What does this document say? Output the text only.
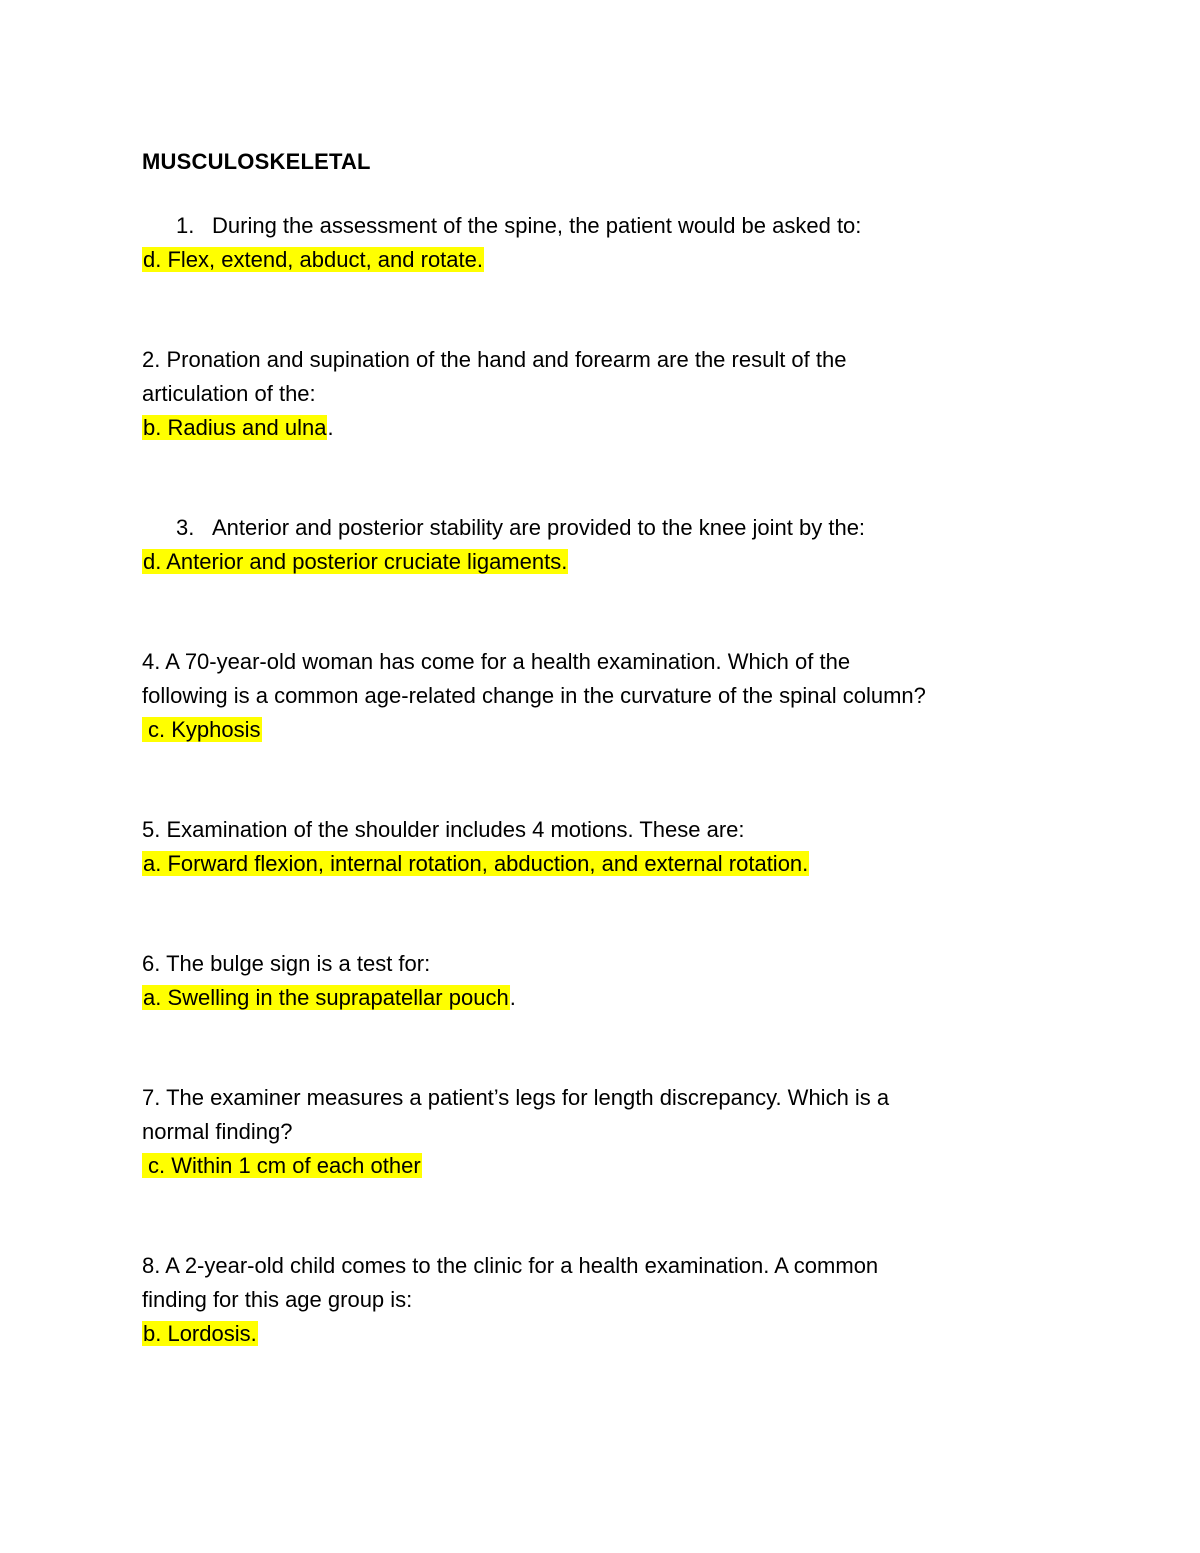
MUSCULOSKELETAL
1. During the assessment of the spine, the patient would be asked to:
d. Flex, extend, abduct, and rotate.
2. Pronation and supination of the hand and forearm are the result of the
articulation of the:
b. Radius and ulna.
3. Anterior and posterior stability are provided to the knee joint by the:
d. Anterior and posterior cruciate ligaments.
4. A 70-year-old woman has come for a health examination. Which of the
following is a common age-related change in the curvature of the spinal column?
c. Kyphosis
5. Examination of the shoulder includes 4 motions. These are:
a. Forward flexion, internal rotation, abduction, and external rotation.
6. The bulge sign is a test for:
a. Swelling in the suprapatellar pouch.
7. The examiner measures a patient’s legs for length discrepancy. Which is a
normal finding?
c. Within 1 cm of each other
8. A 2-year-old child comes to the clinic for a health examination. A common
finding for this age group is:
b. Lordosis.
